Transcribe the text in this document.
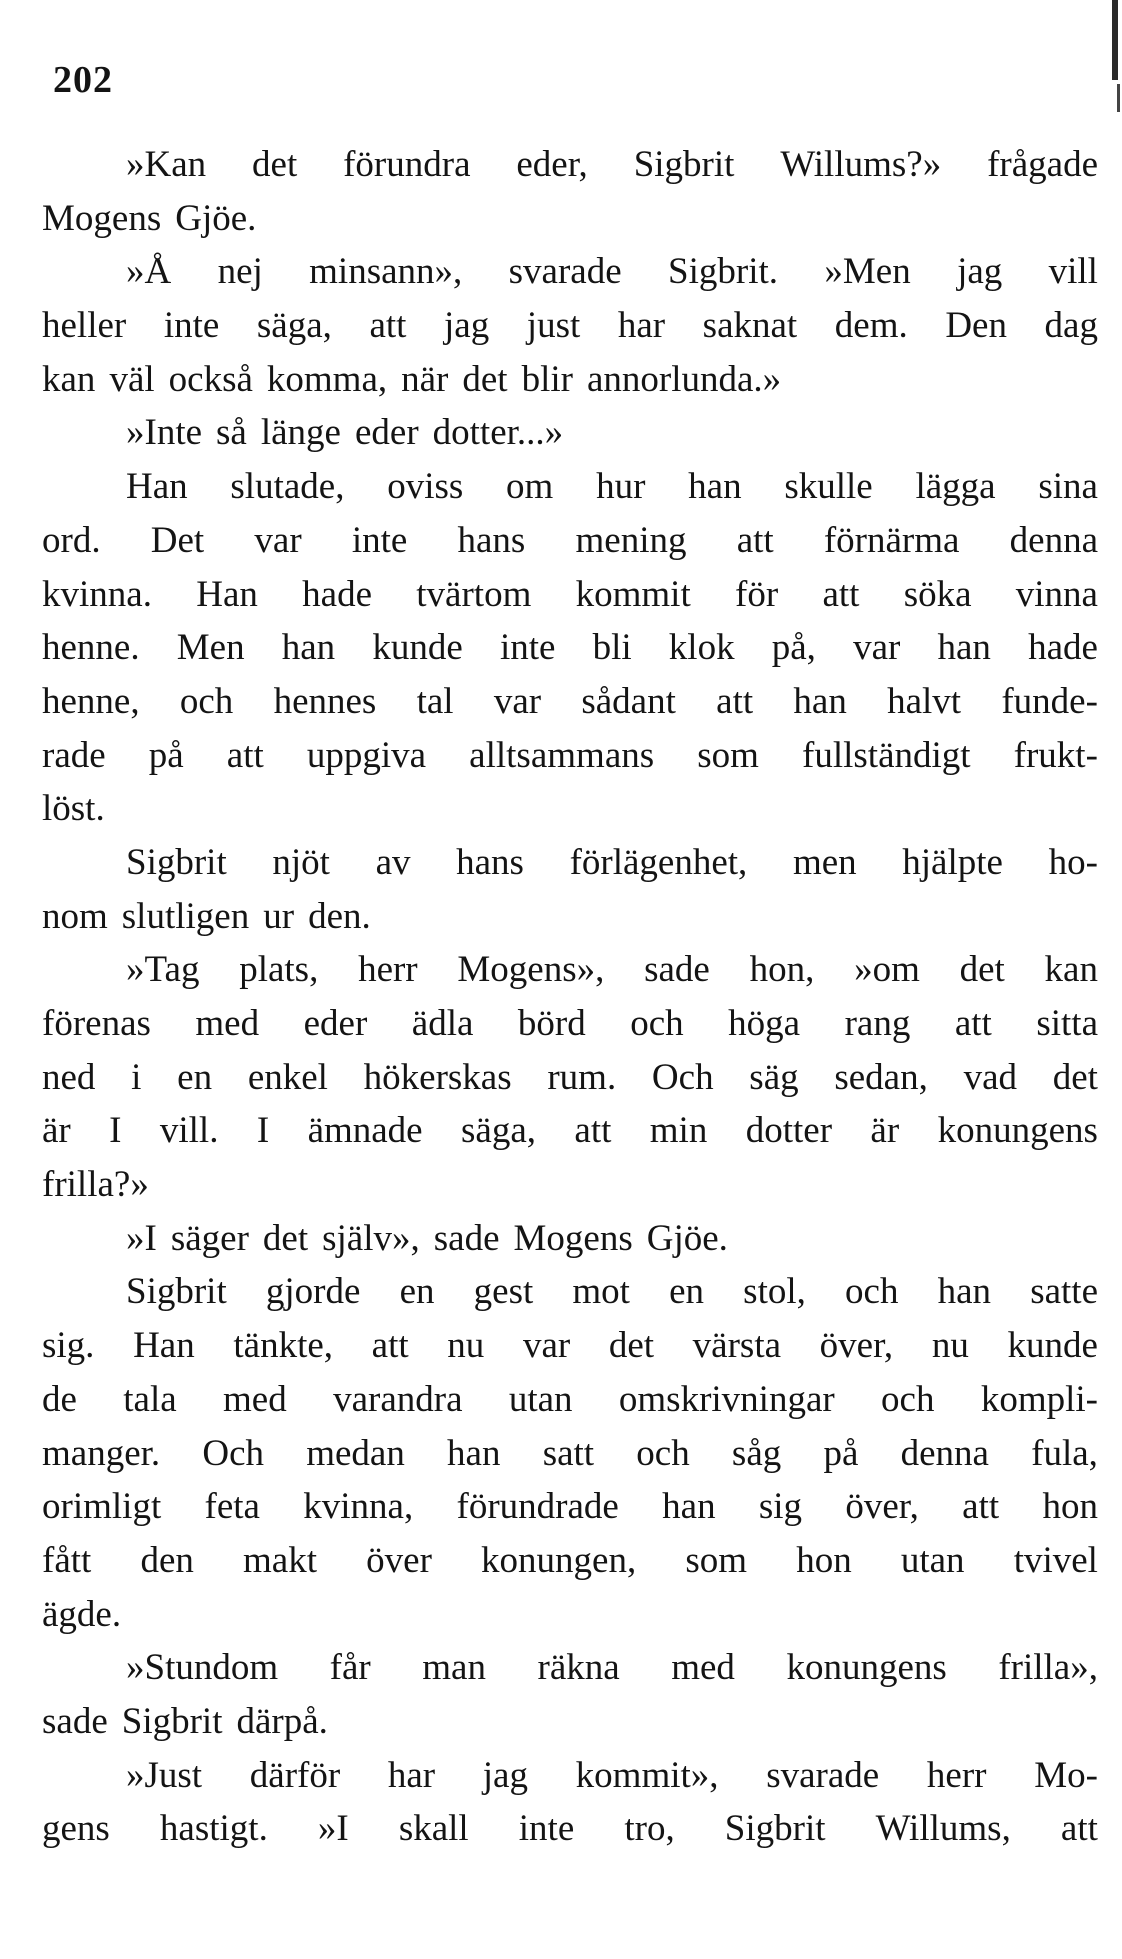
202
»Kan det förundra eder, Sigbrit Willums?» frågade
Mogens Gjöe.
»Å nej minsann», svarade Sigbrit. »Men jag vill
heller inte säga, att jag just har saknat dem. Den dag
kan väl också komma, när det blir annorlunda.»
»Inte så länge eder dotter...»
Han slutade, oviss om hur han skulle lägga sina
ord. Det var inte hans mening att förnärma denna
kvinna. Han hade tvärtom kommit för att söka vinna
henne. Men han kunde inte bli klok på, var han hade
henne, och hennes tal var sådant att han halvt funde-
rade på att uppgiva alltsammans som fullständigt frukt-
löst.
Sigbrit njöt av hans förlägenhet, men hjälpte ho-
nom slutligen ur den.
»Tag plats, herr Mogens», sade hon, »om det kan
förenas med eder ädla börd och höga rang att sitta
ned i en enkel hökerskas rum. Och säg sedan, vad det
är I vill. I ämnade säga, att min dotter är konungens
frilla?»
»I säger det själv», sade Mogens Gjöe.
Sigbrit gjorde en gest mot en stol, och han satte
sig. Han tänkte, att nu var det värsta över, nu kunde
de tala med varandra utan omskrivningar och kompli-
manger. Och medan han satt och såg på denna fula,
orimligt feta kvinna, förundrade han sig över, att hon
fått den makt över konungen, som hon utan tvivel
ägde.
»Stundom får man räkna med konungens frilla»,
sade Sigbrit därpå.
»Just därför har jag kommit», svarade herr Mo-
gens hastigt. »I skall inte tro, Sigbrit Willums, att
